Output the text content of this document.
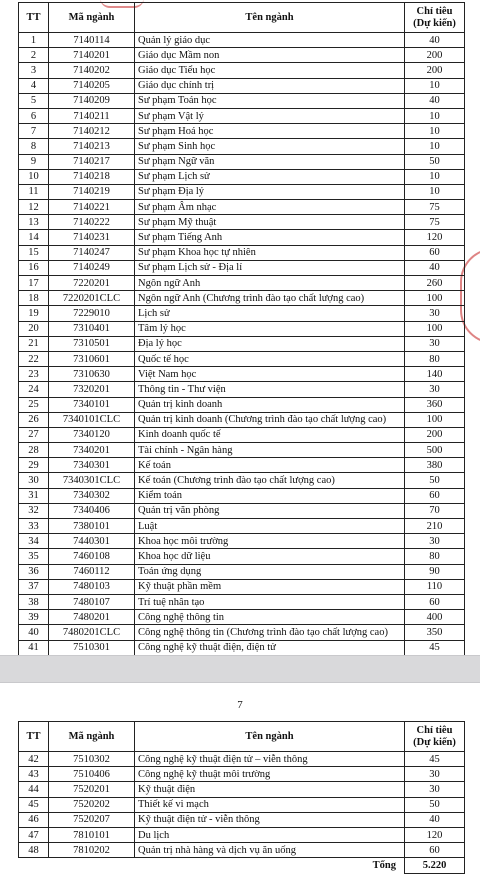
TT	Mã ngành	Tên ngành	Chỉ tiêu (Dự kiến)
1	7140114	Quản lý giáo dục	40
2	7140201	Giáo dục Mầm non	200
3	7140202	Giáo dục Tiểu học	200
4	7140205	Giáo dục chính trị	10
5	7140209	Sư phạm Toán học	40
6	7140211	Sư phạm Vật lý	10
7	7140212	Sư phạm Hoá học	10
8	7140213	Sư phạm Sinh học	10
9	7140217	Sư phạm Ngữ văn	50
10	7140218	Sư phạm Lịch sử	10
11	7140219	Sư phạm Địa lý	10
12	7140221	Sư phạm Âm nhạc	75
13	7140222	Sư phạm Mỹ thuật	75
14	7140231	Sư phạm Tiếng Anh	120
15	7140247	Sư phạm Khoa học tự nhiên	60
16	7140249	Sư phạm Lịch sử - Địa lí	40
17	7220201	Ngôn ngữ Anh	260
18	7220201CLC	Ngôn ngữ Anh (Chương trình đào tạo chất lượng cao)	100
19	7229010	Lịch sử	30
20	7310401	Tâm lý học	100
21	7310501	Địa lý học	30
22	7310601	Quốc tế học	80
23	7310630	Việt Nam học	140
24	7320201	Thông tin - Thư viện	30
25	7340101	Quản trị kinh doanh	360
26	7340101CLC	Quản trị kinh doanh (Chương trình đào tạo chất lượng cao)	100
27	7340120	Kinh doanh quốc tế	200
28	7340201	Tài chính - Ngân hàng	500
29	7340301	Kế toán	380
30	7340301CLC	Kế toán (Chương trình đào tạo chất lượng cao)	50
31	7340302	Kiểm toán	60
32	7340406	Quản trị văn phòng	70
33	7380101	Luật	210
34	7440301	Khoa học môi trường	30
35	7460108	Khoa học dữ liệu	80
36	7460112	Toán ứng dụng	90
37	7480103	Kỹ thuật phần mềm	110
38	7480107	Trí tuệ nhân tạo	60
39	7480201	Công nghệ thông tin	400
40	7480201CLC	Công nghệ thông tin (Chương trình đào tạo chất lượng cao)	350
41	7510301	Công nghệ kỹ thuật điện, điện tử	45
7
TT	Mã ngành	Tên ngành	Chỉ tiêu (Dự kiến)
42	7510302	Công nghệ kỹ thuật điện tử – viễn thông	45
43	7510406	Công nghệ kỹ thuật môi trường	30
44	7520201	Kỹ thuật điện	30
45	7520202	Thiết kế vi mạch	50
46	7520207	Kỹ thuật điện tử - viễn thông	40
47	7810101	Du lịch	120
48	7810202	Quản trị nhà hàng và dịch vụ ăn uống	60
		Tổng	5.220
